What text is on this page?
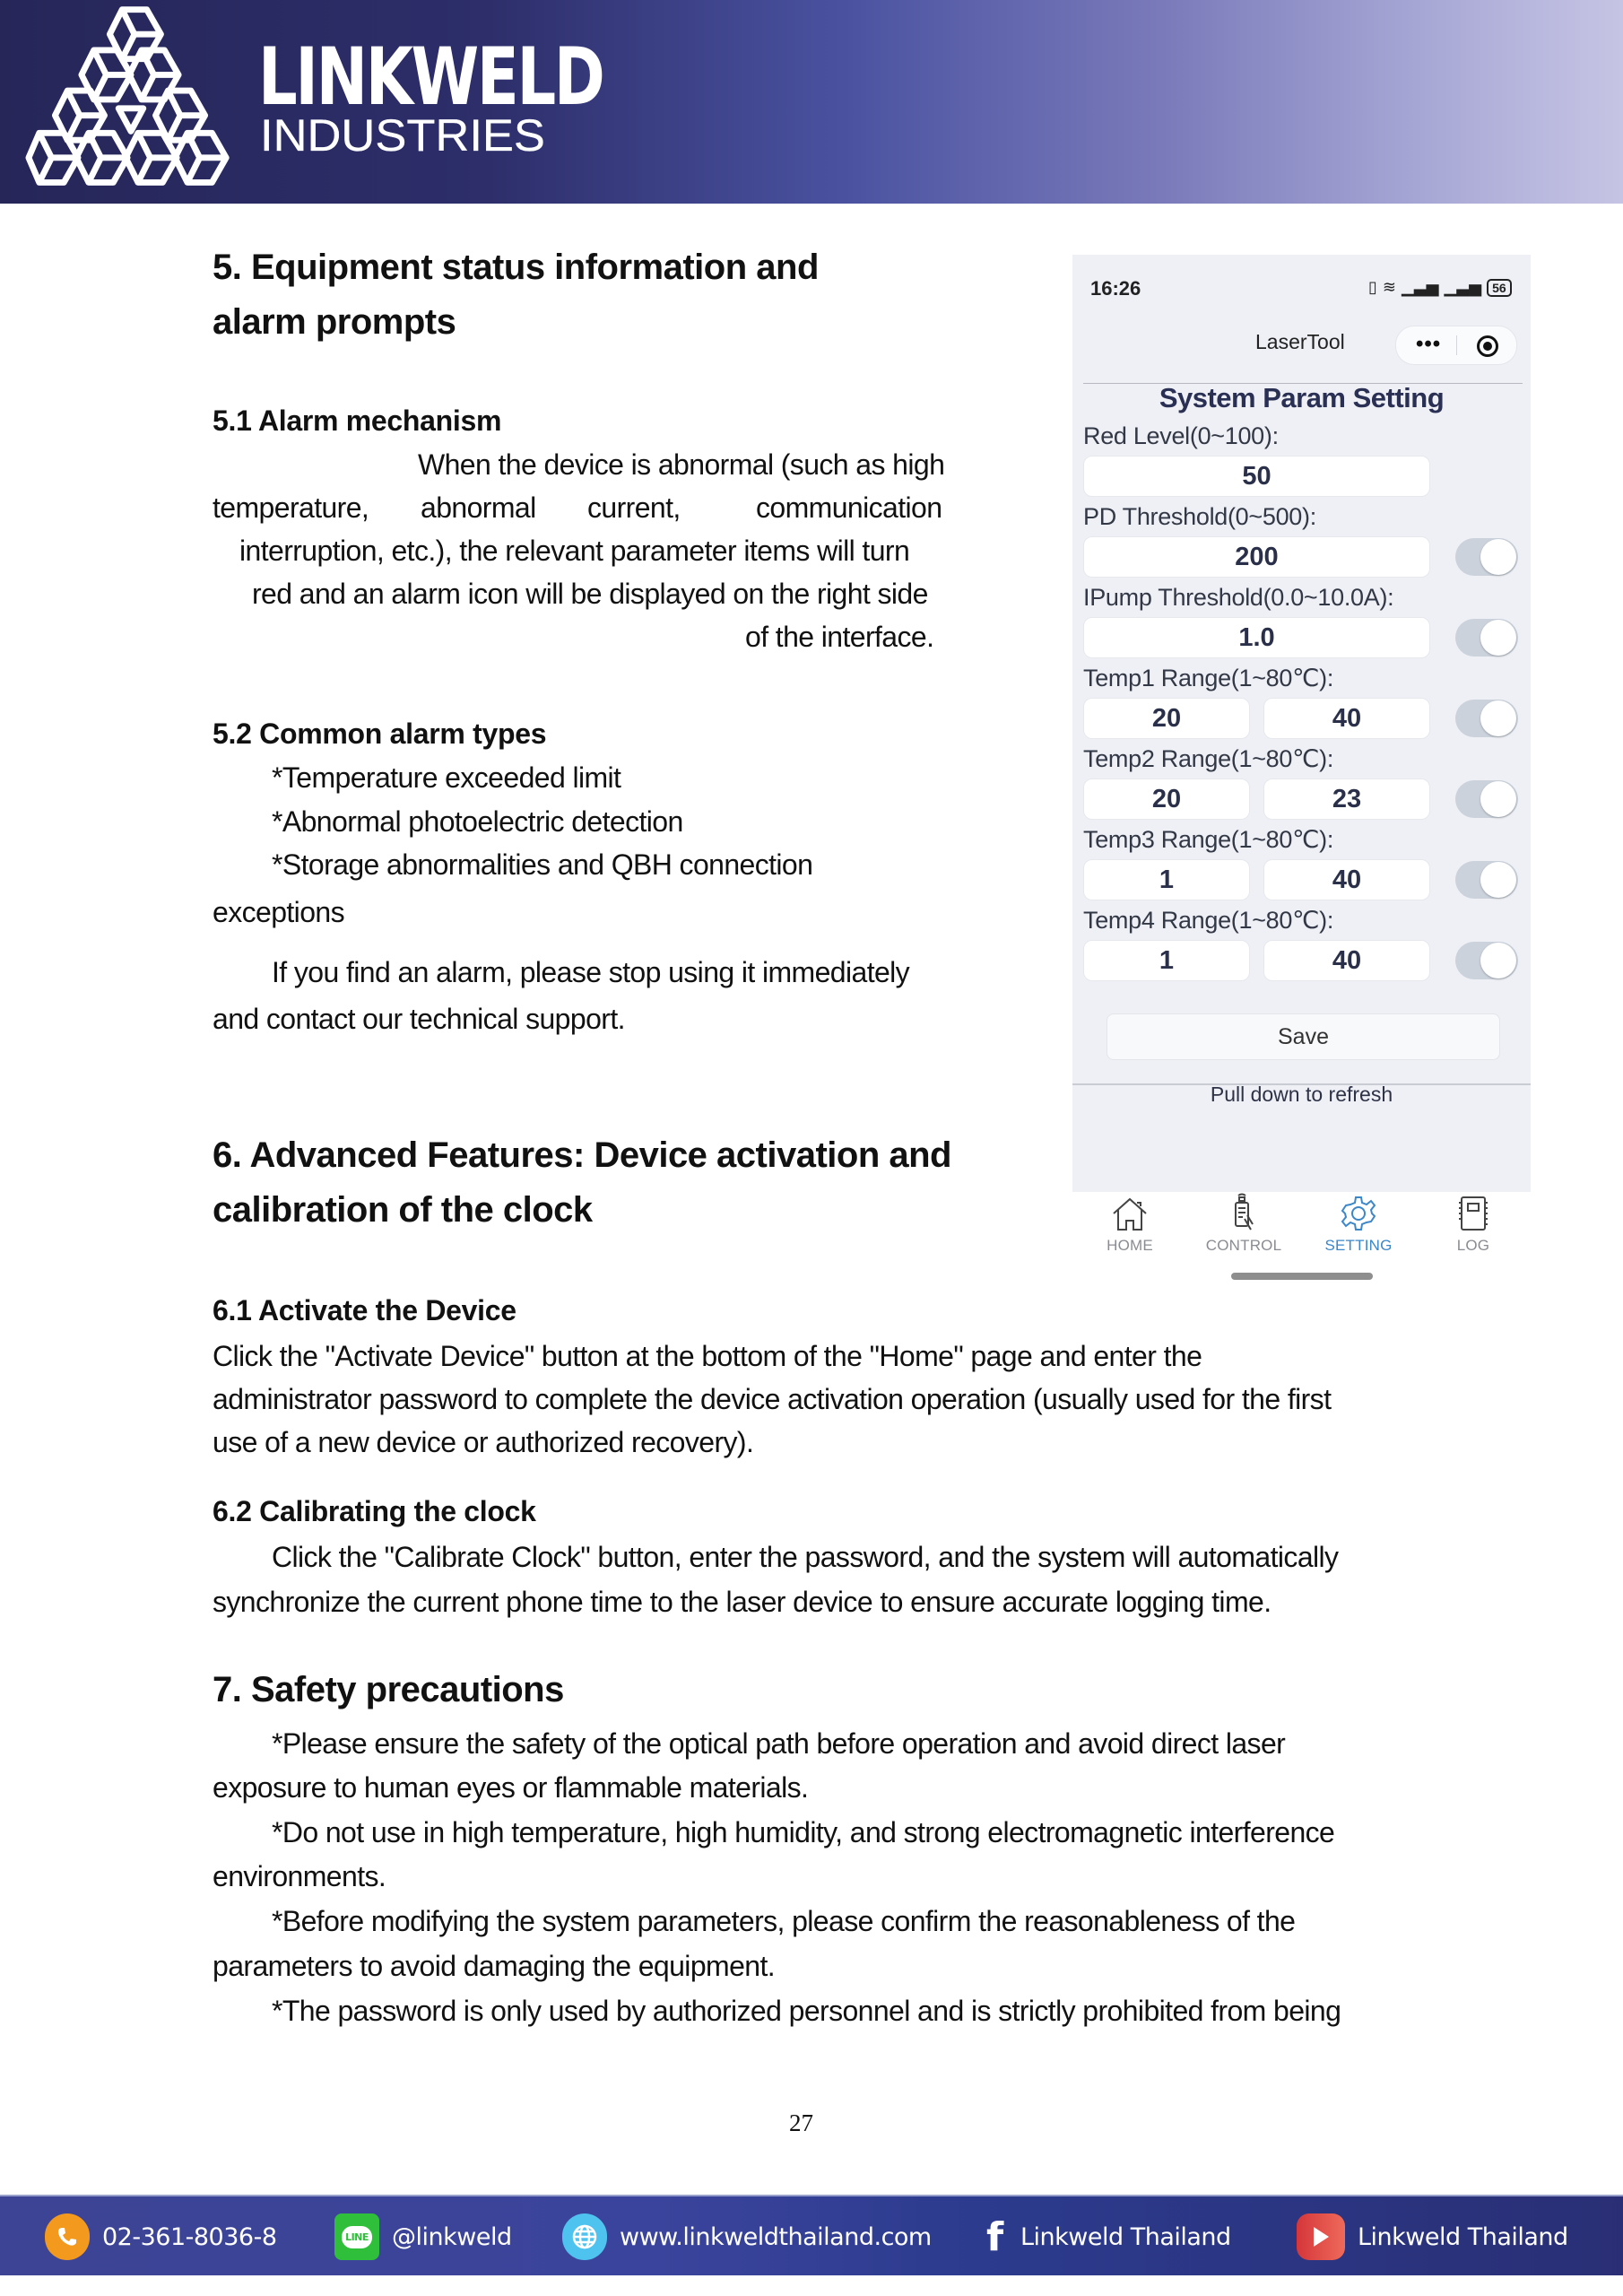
LINKWELD
INDUSTRIES
5. Equipment status information and
alarm prompts
5.1 Alarm mechanism
When the device is abnormal (such as high
temperature, abnormal current,	communication
interruption, etc.), the relevant parameter items will turn
red and an alarm icon will be displayed on the right side
of the interface.
5.2 Common alarm types
*Temperature exceeded limit
*Abnormal photoelectric detection
*Storage abnormalities and QBH connection
exceptions
If you find an alarm, please stop using it immediately
and contact our technical support.
6. Advanced Features: Device activation and
calibration of the clock
6.1 Activate the Device
Click the "Activate Device" button at the bottom of the "Home" page and enter the
administrator password to complete the device activation operation (usually used for the first
use of a new device or authorized recovery).
6.2 Calibrating the clock
Click the "Calibrate Clock" button, enter the password, and the system will automatically
synchronize the current phone time to the laser device to ensure accurate logging time.
7. Safety precautions
*Please ensure the safety of the optical path before operation and avoid direct laser
exposure to human eyes or flammable materials.
*Do not use in high temperature, high humidity, and strong electromagnetic interference
environments.
*Before modifying the system parameters, please confirm the reasonableness of the
parameters to avoid damaging the equipment.
*The password is only used by authorized personnel and is strictly prohibited from being
16:26	▯ ≋ ▁▃▅ ▁▃▅ 56
LaserTool	•••
System Param Setting
Red Level(0~100):
50
PD Threshold(0~500):
200
IPump Threshold(0.0~10.0A):
1.0
Temp1 Range(1~80℃):
20	40
Temp2 Range(1~80℃):
20	23
Temp3 Range(1~80℃):
1	40
Temp4 Range(1~80℃):
1	40
Save
Pull down to refresh
HOME	CONTROL	SETTING	LOG
27
02-361-8036-8	LINE @linkweld	www.linkweldthailand.com f Linkweld Thailand	Linkweld Thailand
